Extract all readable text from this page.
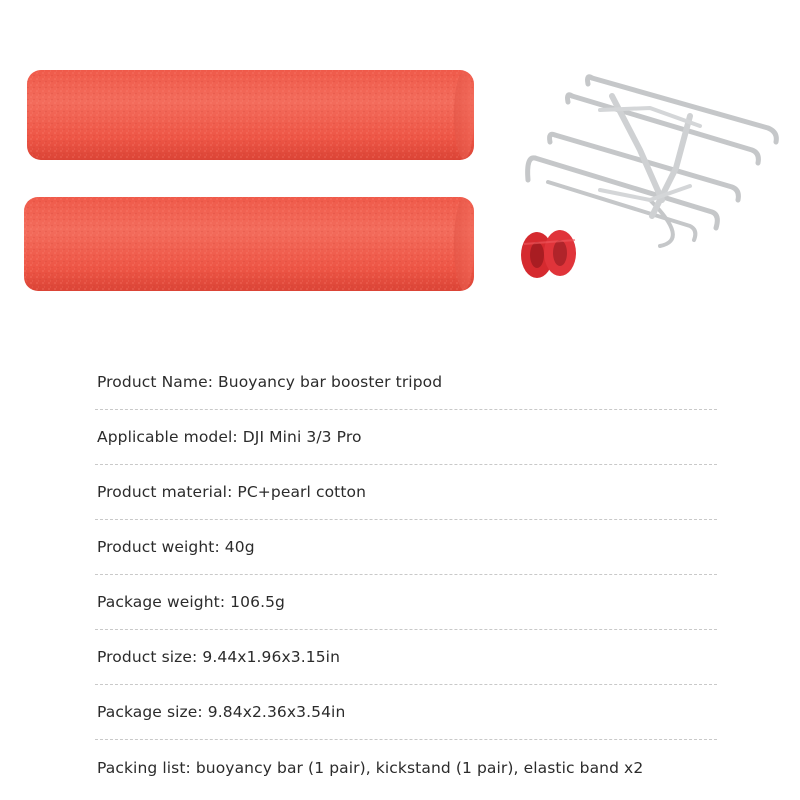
Product Name: Buoyancy bar booster tripod
Applicable model: DJI Mini 3/3 Pro
Product material: PC+pearl cotton
Product weight: 40g
Package weight: 106.5g
Product size: 9.44x1.96x3.15in
Package size: 9.84x2.36x3.54in
Packing list: buoyancy bar (1 pair), kickstand (1 pair), elastic band x2
